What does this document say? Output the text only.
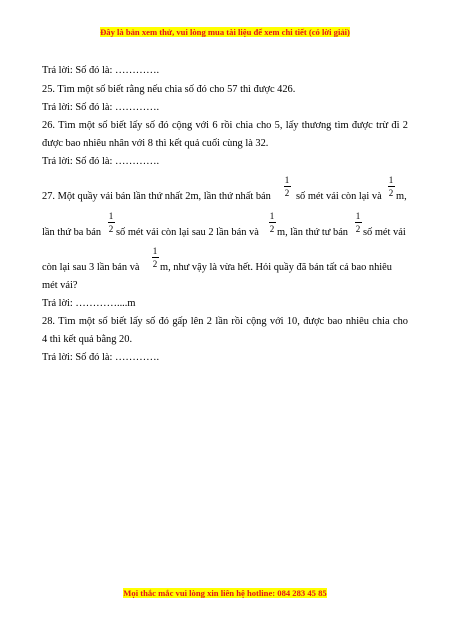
Đây là bản xem thử, vui lòng mua tài liệu để xem chi tiết (có lời giải)
Trả lời: Số đó là: ………….
25. Tìm một số biết rằng nếu chia số đó cho 57 thì được 426.
Trả lời: Số đó là: ………….
26. Tìm một số biết lấy số đó cộng với 6 rồi chia cho 5, lấy thương tìm được trừ đi 2
được bao nhiêu nhân với 8 thì kết quả cuối cùng là 32.
Trả lời: Số đó là: ………….
27. Một quầy vải bán lần thứ nhất 2m, lần thứ nhất bán
1
2 số mét vải còn lại và
1
2 m,
lần thứ ba bán
1
2 số mét vải còn lại sau 2 lần bán và
1
2 m, lần thứ tư bán
1
2 số mét vải
còn lại sau 3 lần bán và
1
2 m, như vậy là vừa hết. Hỏi quầy đã bán tất cả bao nhiêu
mét vải?
Trả lời: …………....m
28. Tìm một số biết lấy số đó gấp lên 2 lần rồi cộng với 10, được bao nhiêu chia cho
4 thì kết quả bằng 20.
Trả lời: Số đó là: ………….
Mọi thắc mắc vui lòng xin liên hệ hotline: 084 283 45 85
